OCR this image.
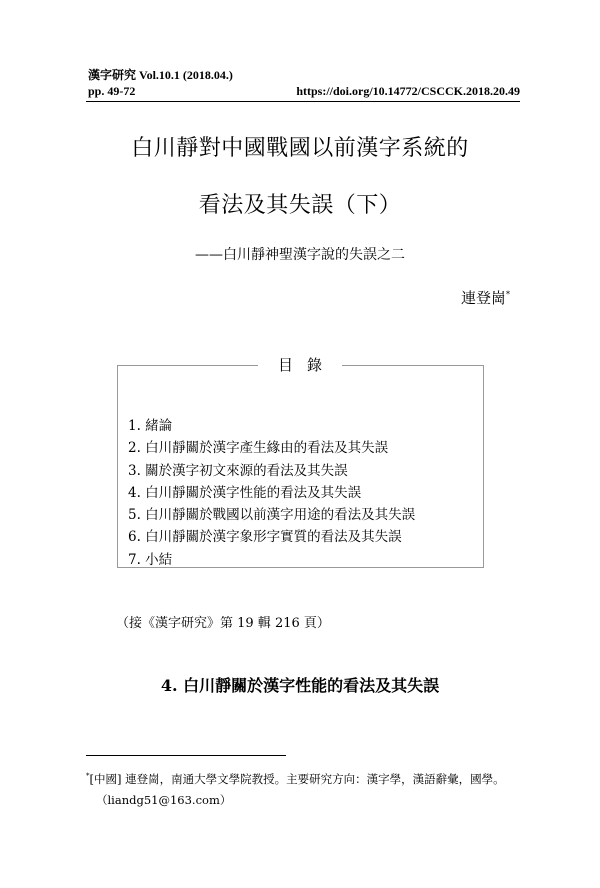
漢字研究 Vol.10.1 (2018.04.)
pp. 49-72	https://doi.org/10.14772/CSCCK.2018.20.49
白川靜對中國戰國以前漢字系統的
看法及其失誤（下）
——白川靜神聖漢字說的失誤之二
連登崗*
目錄
1. 緒論
2. 白川靜關於漢字產生緣由的看法及其失誤
3. 關於漢字初文來源的看法及其失誤
4. 白川靜關於漢字性能的看法及其失誤
5. 白川靜關於戰國以前漢字用途的看法及其失誤
6. 白川靜關於漢字象形字實質的看法及其失誤
7. 小結
（接《漢字研究》第 19 輯 216 頁）
4. 白川靜關於漢字性能的看法及其失誤
*[中國] 連登崗，南通大學文學院教授。主要研究方向：漢字學，漢語辭彙，國學。
（liandg51@163.com）
